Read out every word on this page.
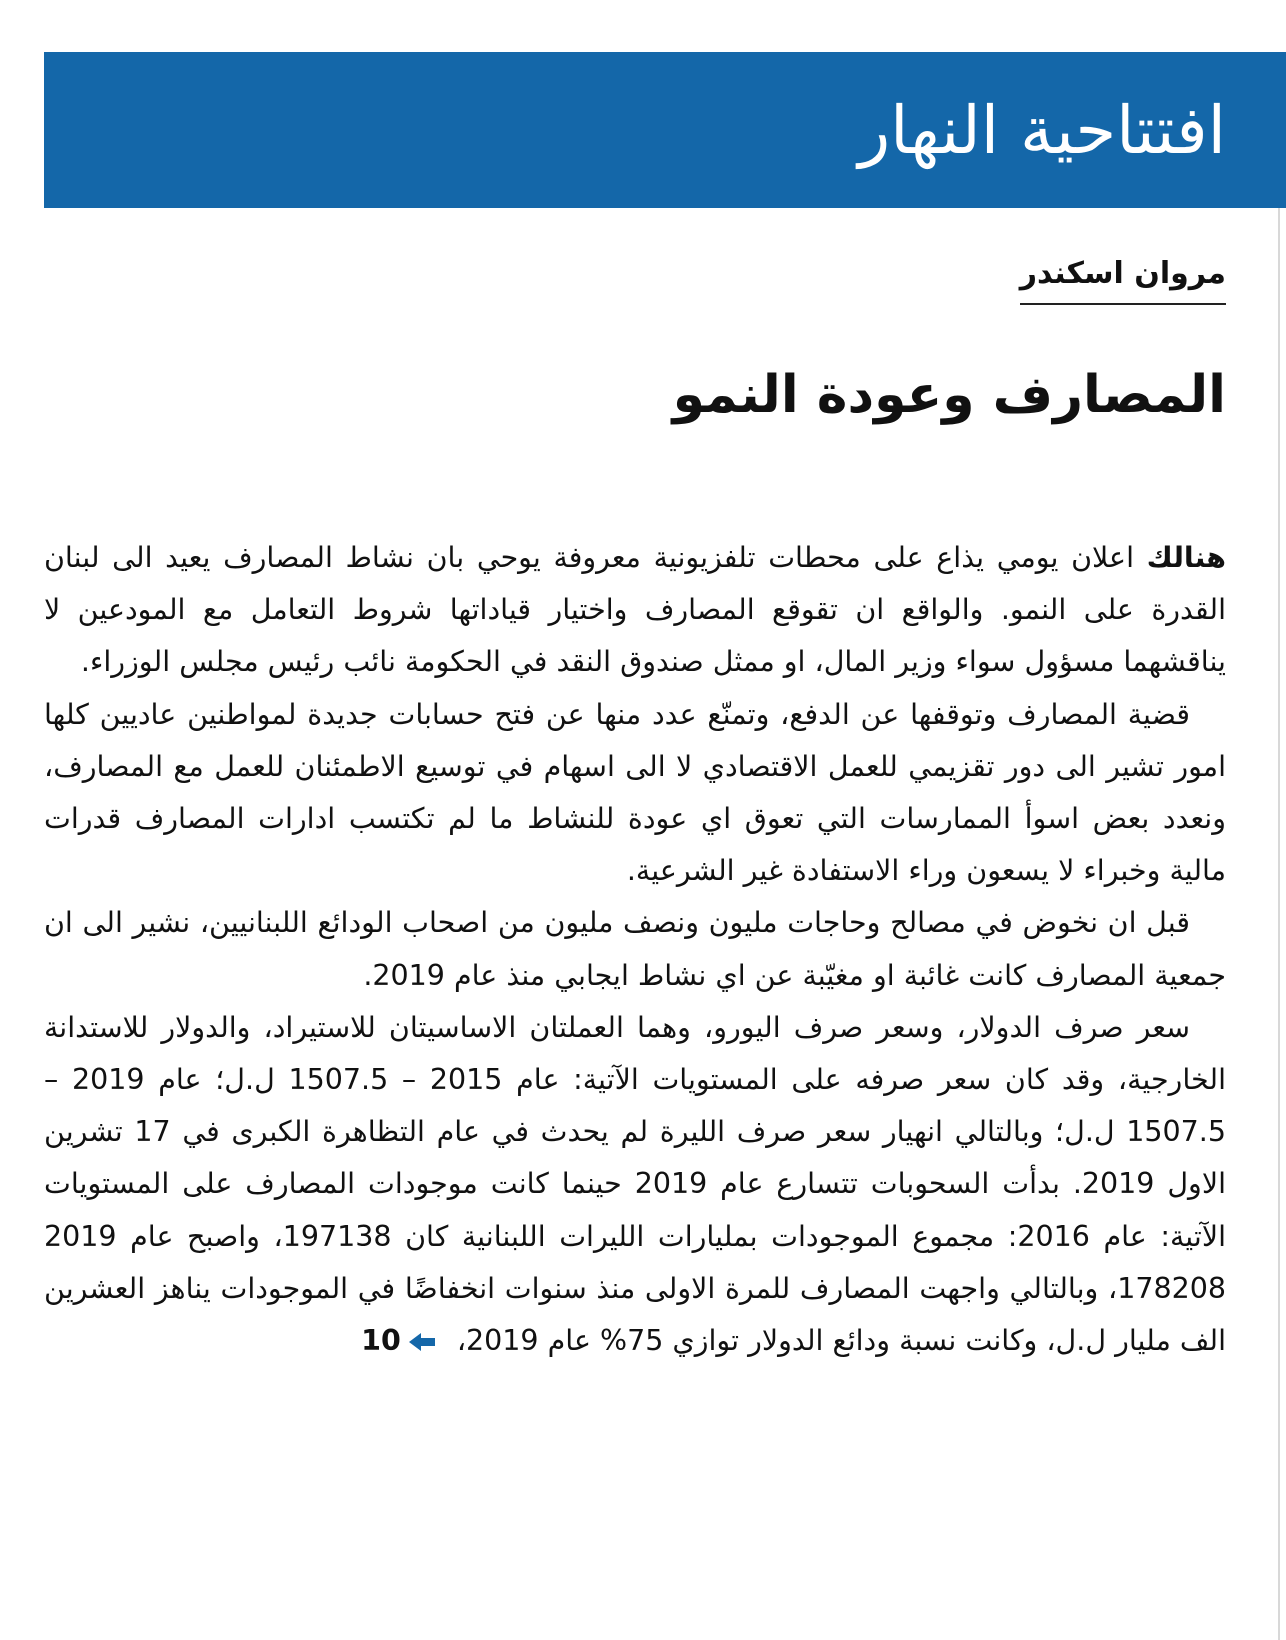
افتتاحية النهار
مروان اسكندر
المصارف وعودة النمو

هنالك اعلان يومي يذاع على محطات تلفزيونية معروفة يوحي بان نشاط المصارف يعيد الى لبنان القدرة على النمو. والواقع ان تقوقع المصارف واختيار قياداتها شروط التعامل مع المودعين لا يناقشهما مسؤول سواء وزير المال، او ممثل صندوق النقد في الحكومة نائب رئيس مجلس الوزراء.

قضية المصارف وتوقفها عن الدفع، وتمنّع عدد منها عن فتح حسابات جديدة لمواطنين عاديين كلها امور تشير الى دور تقزيمي للعمل الاقتصادي لا الى اسهام في توسيع الاطمئنان للعمل مع المصارف، ونعدد بعض اسوأ الممارسات التي تعوق اي عودة للنشاط ما لم تكتسب ادارات المصارف قدرات مالية وخبراء لا يسعون وراء الاستفادة غير الشرعية.

قبل ان نخوض في مصالح وحاجات مليون ونصف مليون من اصحاب الودائع اللبنانيين، نشير الى ان جمعية المصارف كانت غائبة او مغيّبة عن اي نشاط ايجابي منذ عام 2019.

سعر صرف الدولار، وسعر صرف اليورو، وهما العملتان الاساسيتان للاستيراد، والدولار للاستدانة الخارجية، وقد كان سعر صرفه على المستويات الآتية: عام 2015 – 1507.5 ل.ل؛ عام 2019 – 1507.5 ل.ل؛ وبالتالي انهيار سعر صرف الليرة لم يحدث في عام التظاهرة الكبرى في 17 تشرين الاول 2019. بدأت السحوبات تتسارع عام 2019 حينما كانت موجودات المصارف على المستويات الآتية: عام 2016: مجموع الموجودات بمليارات الليرات اللبنانية كان 197138، واصبح عام 2019 178208، وبالتالي واجهت المصارف للمرة الاولى منذ سنوات انخفاضًا في الموجودات يناهز العشرين الف مليار ل.ل، وكانت نسبة ودائع الدولار توازي 75% عام 2019،10
